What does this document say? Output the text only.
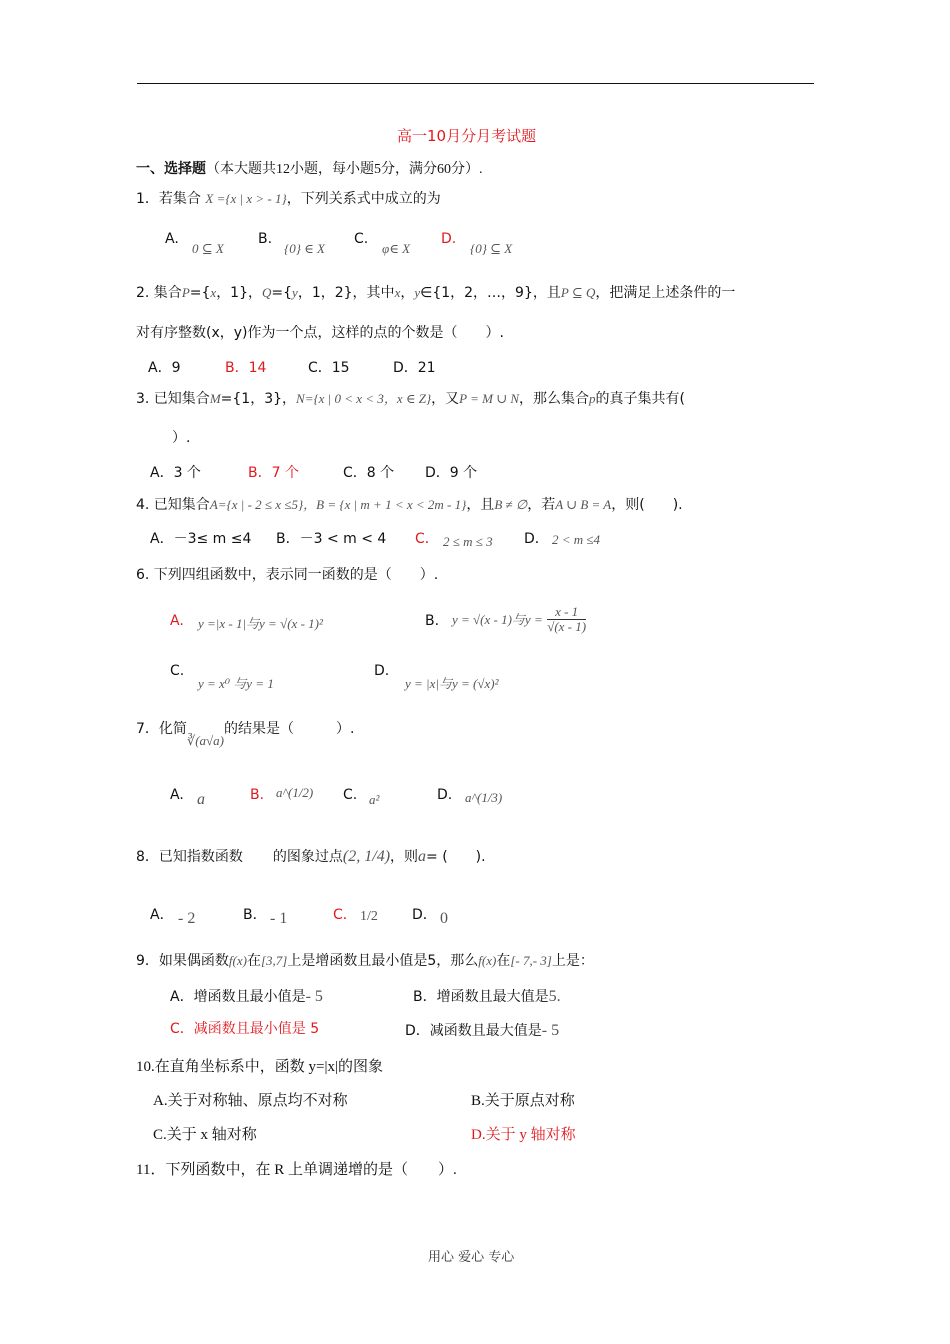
高一10月分月考试题
一、选择题（本大题共12小题，每小题5分，满分60分）.
1．若集合 X ={x | x > - 1}，下列关系式中成立的为
A.
0 ⊆ X
B.
{0} ∈ X
C.
φ∈ X
D.
{0} ⊆ X
2. 集合P={x，1}，Q={y，1，2}，其中x，y∈{1，2，…，9}，且P ⊆ Q，把满足上述条件的一
对有序整数(x，y)作为一个点，这样的点的个数是（　　）.
A．9	B．14	C．15	D．21
3. 已知集合M={1，3}，N={x | 0 < x < 3，x ∈ Z}，又P = M ∪ N，那么集合p的真子集共有(
）.
A．3 个	B．7 个	C．8 个 D．9 个
4. 已知集合A={x | - 2 ≤ x ≤5}，B = {x | m + 1 < x < 2m - 1}，且B ≠ ∅，若A ∪ B = A，则(　　).
A．－3≤ m ≤4 B．－3 < m < 4 C． 2 ≤ m ≤ 3 D． 2 < m ≤4
6. 下列四组函数中，表示同一函数的是（　　）.
A. y =|x - 1|与y = √(x - 1)²	B. y = √(x - 1)与$y = \frac{x - 1}{√(x - 1)}$
C.
y = x⁰ 与y = 1
D.
y = |x|与y = (√x)²
7．化简∛(a√a)的结果是（　　　）.
A. a	B. a^(1/2) C. a²	D. a^(1/3)
8．已知指数函数 的图象过点(2, 1/4)，则a= (　　).
A． - 2	B． - 1	C． 1/2 D． 0
9．如果偶函数f(x)在[3,7]上是增函数且最小值是5，那么f(x)在[- 7,- 3]上是：
A．增函数且最小值是- 5	B．增函数且最大值是5.
C．减函数且最小值是 5	D．减函数且最大值是- 5
10.在直角坐标系中，函数 y=|x|的图象
A.关于对称轴、原点均不对称	B.关于原点对称
C.关于 x 轴对称	D.关于 y 轴对称
11．下列函数中，在 R 上单调递增的是（　　）.
用心 爱心 专心
